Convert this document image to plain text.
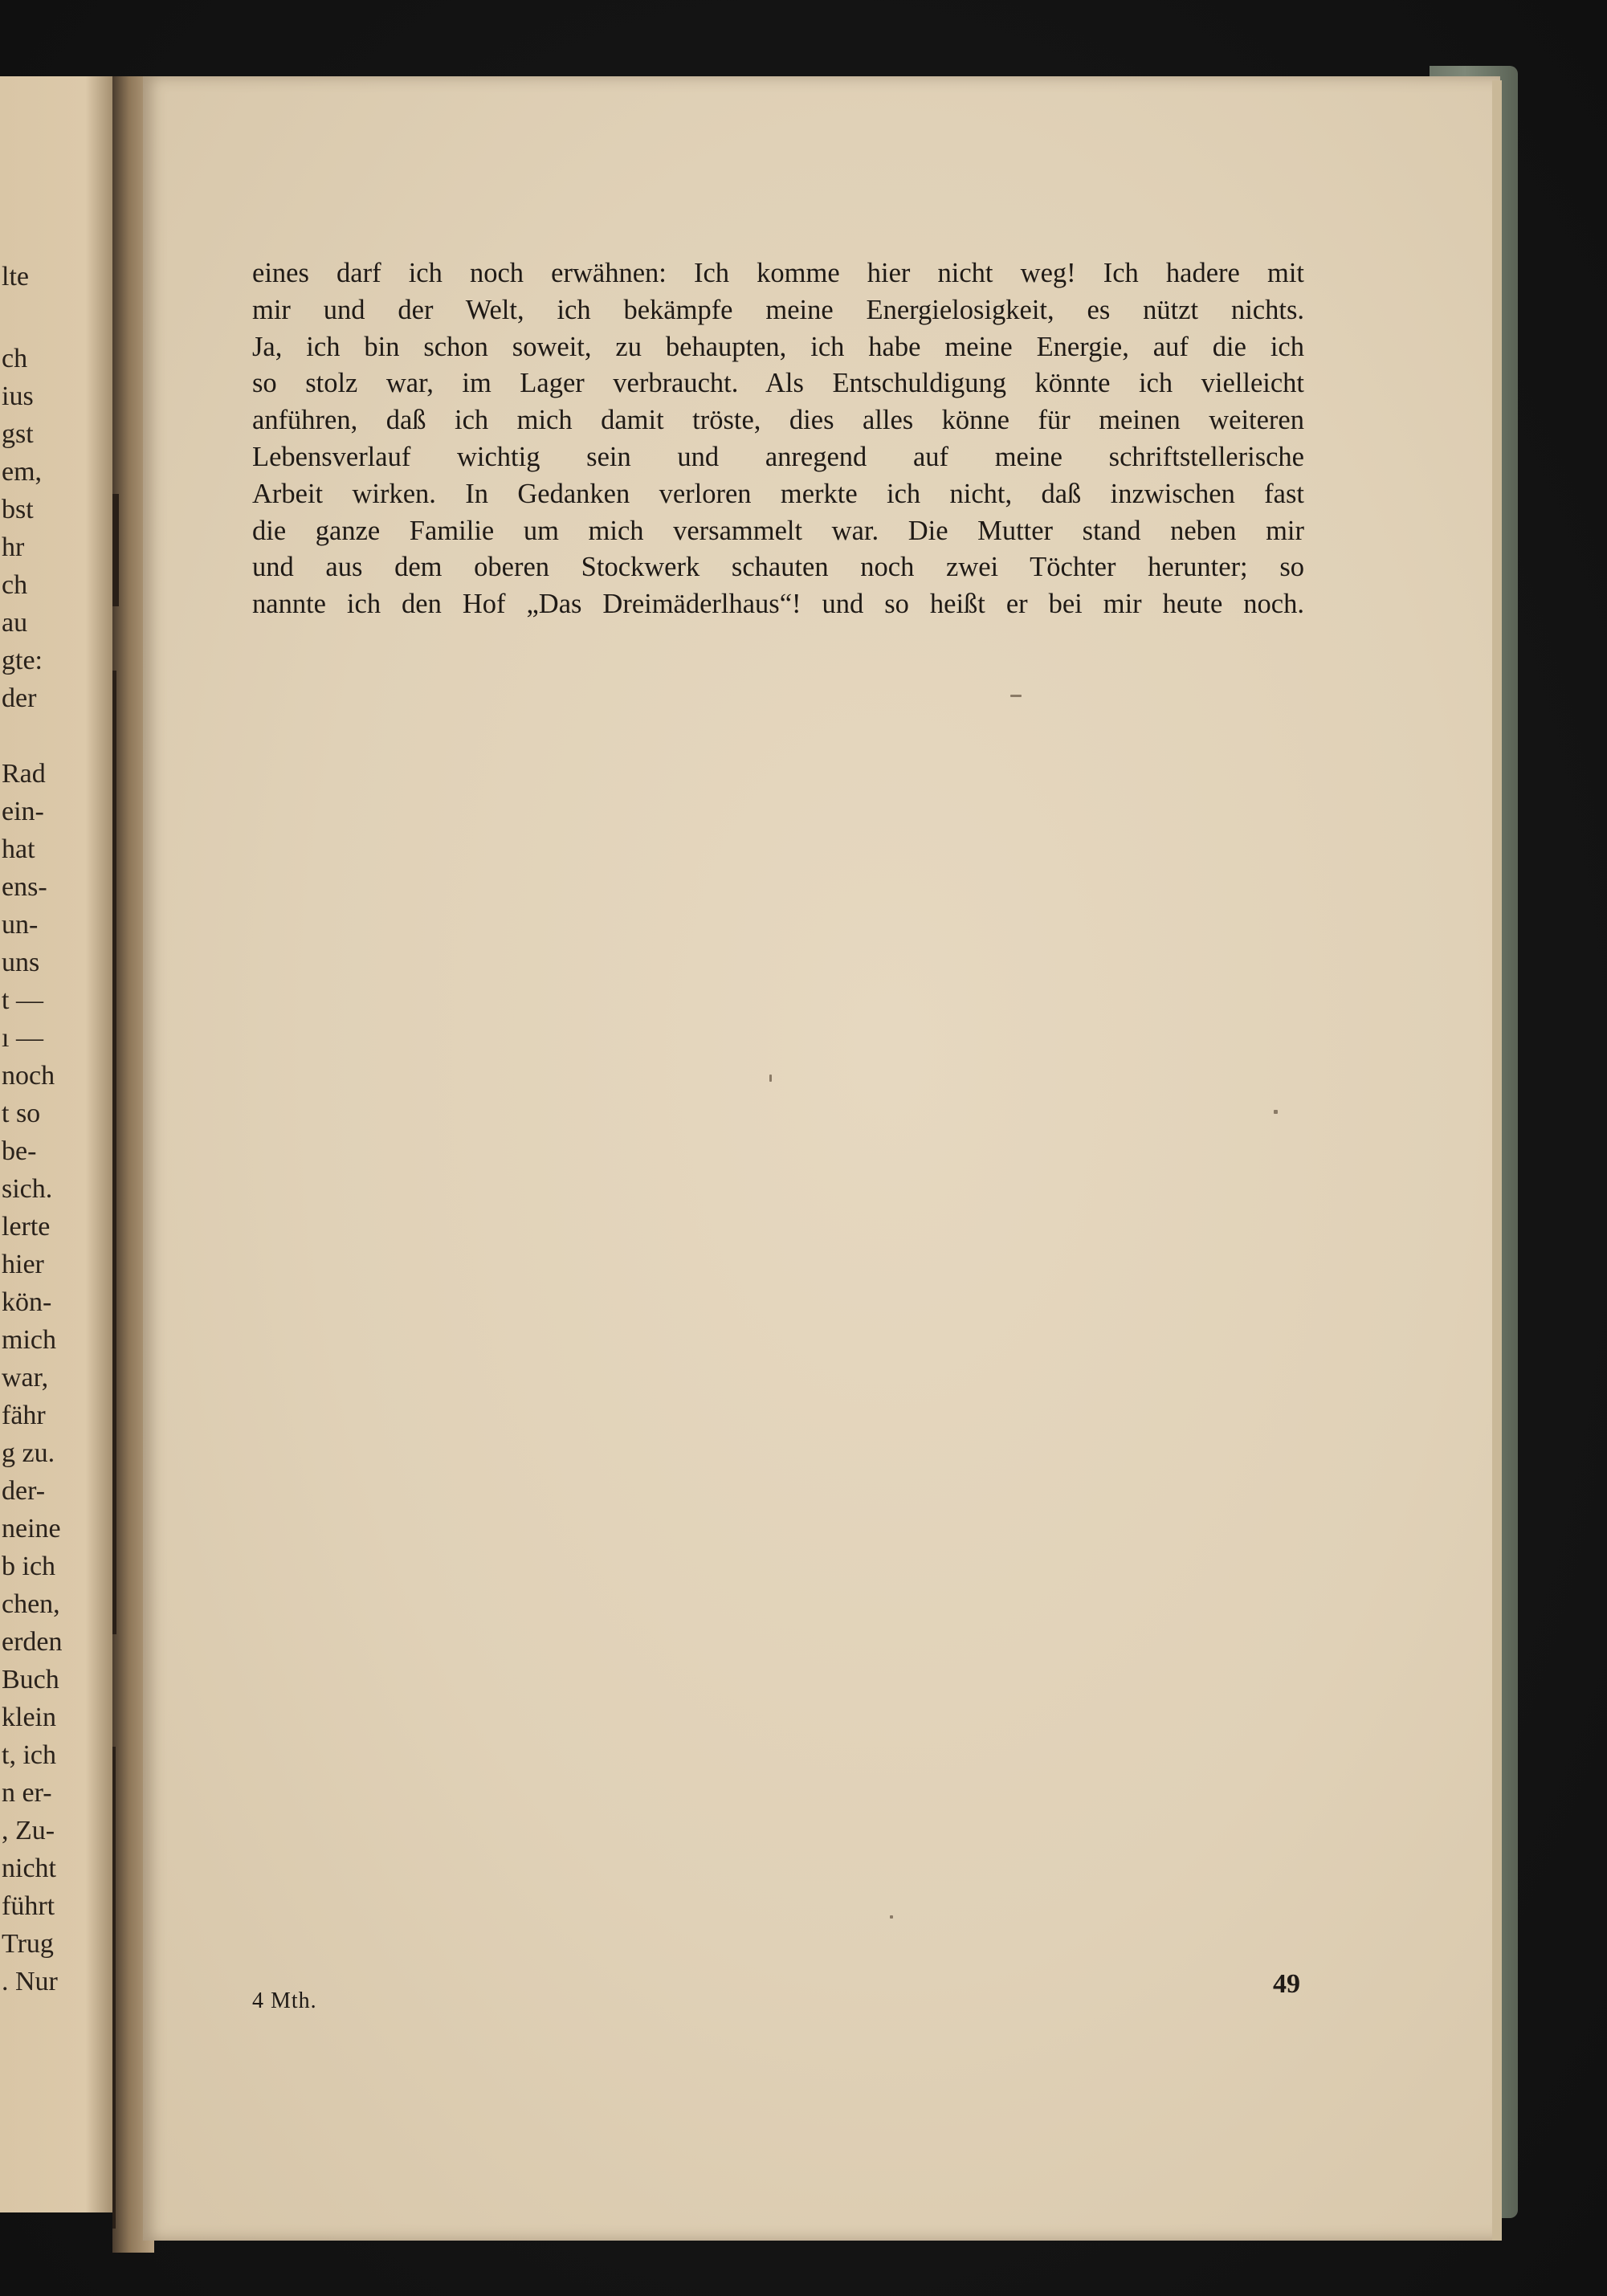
lte
ch
ius
gst
em,
bst
hr
ch
au
gte:
der
Rad
ein-
hat
ens-
un-
uns
t —
ı —
noch
t so
be-
sich.
lerte
hier
kön-
mich
war,
fähr
g zu.
der-
neine
b ich
chen,
erden
Buch
klein
t, ich
n er-
, Zu-
nicht
führt
Trug
. Nur
eines darf ich noch erwähnen: Ich komme hier nicht weg! Ich hadere mit
mir und der Welt, ich bekämpfe meine Energielosigkeit, es nützt nichts.
Ja, ich bin schon soweit, zu behaupten, ich habe meine Energie, auf die ich
so stolz war, im Lager verbraucht. Als Entschuldigung könnte ich vielleicht
anführen, daß ich mich damit tröste, dies alles könne für meinen weiteren
Lebensverlauf wichtig sein und anregend auf meine schriftstellerische
Arbeit wirken. In Gedanken verloren merkte ich nicht, daß inzwischen fast
die ganze Familie um mich versammelt war. Die Mutter stand neben mir
und aus dem oberen Stockwerk schauten noch zwei Töchter herunter; so
nannte ich den Hof „Das Dreimäderlhaus“! und so heißt er bei mir heute noch.
4 Mth.
49
